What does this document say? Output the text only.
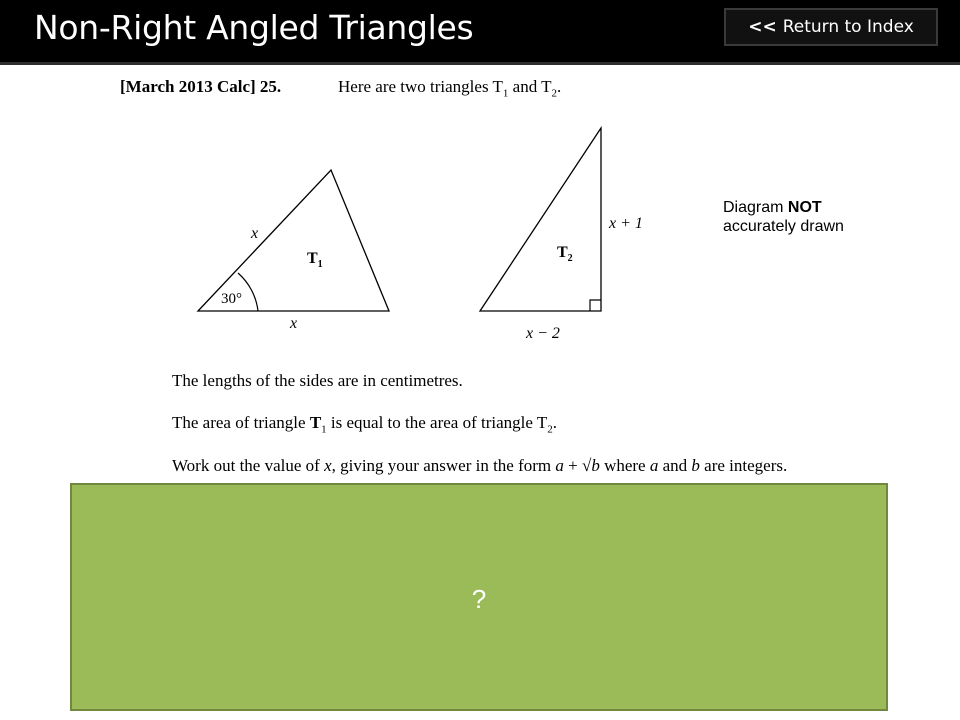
Non-Right Angled Triangles	<< Return to Index
[March 2013 Calc] 25.	Here are two triangles $T_1$ and $T_2$.
30°
x
x
$T_1$
x + 1
x − 2
$T_2$
Diagram NOT
accurately drawn
The lengths of the sides are in centimetres.
The area of triangle $T_1$ is equal to the area of triangle $T_2$.
Work out the value of x, giving your answer in the form a + √b where a and b are integers.
?
